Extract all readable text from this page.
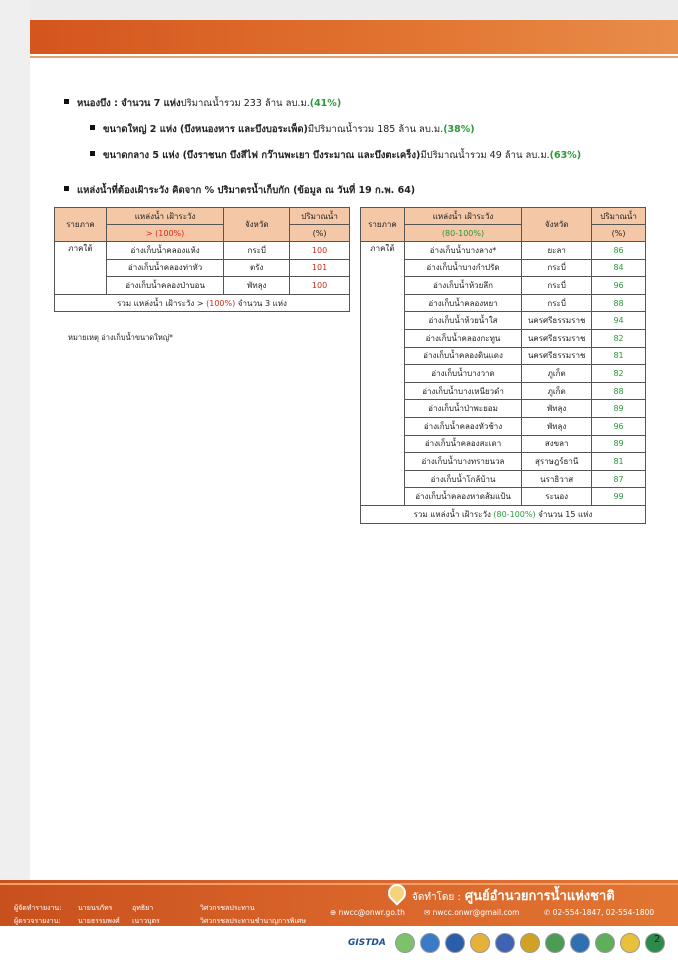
หนองบึง : จำนวน 7 แห่ง ปริมาณน้ำรวม 233 ล้าน ลบ.ม. (41%)
ขนาดใหญ่ 2 แห่ง (บึงหนองหาร และบึงบอระเพ็ด) มีปริมาณน้ำรวม 185 ล้าน ลบ.ม. (38%)
ขนาดกลาง 5 แห่ง (บึงราชนก บึงสีไฟ กว๊านพะเยา บึงระมาณ และบึงตะเคร็ง) มีปริมาณน้ำรวม 49 ล้าน ลบ.ม. (63%)
แหล่งน้ำที่ต้องเฝ้าระวัง คิดจาก % ปริมาตรน้ำเก็บกัก (ข้อมูล ณ วันที่ 19 ก.พ. 64)
รายภาค	แหล่งน้ำ เฝ้าระวัง	จังหวัด	ปริมาณน้ำ
	> (100%)		(%)
ภาคใต้	อ่างเก็บน้ำคลองแห้ง	กระบี่	100
	อ่างเก็บน้ำคลองท่าหัว	ตรัง	101
	อ่างเก็บน้ำคลองป่าบอน	พัทลุง	100
รวม แหล่งน้ำ เฝ้าระวัง > (100%) จำนวน 3 แห่ง			
หมายเหตุ อ่างเก็บน้ำขนาดใหญ่*
รายภาค	แหล่งน้ำ เฝ้าระวัง	จังหวัด	ปริมาณน้ำ
	(80-100%)		(%)
ภาคใต้	อ่างเก็บน้ำบางลาง*	ยะลา	86
	อ่างเก็บน้ำบางกำปรัด	กระบี่	84
	อ่างเก็บน้ำห้วยลึก	กระบี่	96
	อ่างเก็บน้ำคลองหยา	กระบี่	88
	อ่างเก็บน้ำห้วยน้ำใส	นครศรีธรรมราช	94
	อ่างเก็บน้ำคลองกะทูน	นครศรีธรรมราช	82
	อ่างเก็บน้ำคลองดินแดง	นครศรีธรรมราช	81
	อ่างเก็บน้ำบางวาด	ภูเก็ต	82
	อ่างเก็บน้ำบางเหนียวดำ	ภูเก็ต	88
	อ่างเก็บน้ำป่าพะยอม	พัทลุง	89
	อ่างเก็บน้ำคลองหัวช้าง	พัทลุง	96
	อ่างเก็บน้ำคลองสะเดา	สงขลา	89
	อ่างเก็บน้ำบางทรายนวล	สุราษฎร์ธานี	81
	อ่างเก็บน้ำโกล้บ้าน	นราธิวาส	87
	อ่างเก็บน้ำคลองหาดส้มแป้น	ระนอง	99
รวม แหล่งน้ำ เฝ้าระวัง (80-100%) จำนวน 15 แห่ง			
ผู้จัดทำรายงาน: นายนรภัทร	อุทธิยา	วิศวกรชลประทาน
ผู้ตรวจรายงาน: นายธรรมพงศ์ เนาวบุตร	วิศวกรชลประทานชำนาญการพิเศษ
จัดทำโดย : ศูนย์อำนวยการน้ำแห่งชาติ
⊕ nwcc@onwr.go.th	✉ nwcc.onwr@gmail.com	✆ 02-554-1847, 02-554-1800
GISTDA	2
